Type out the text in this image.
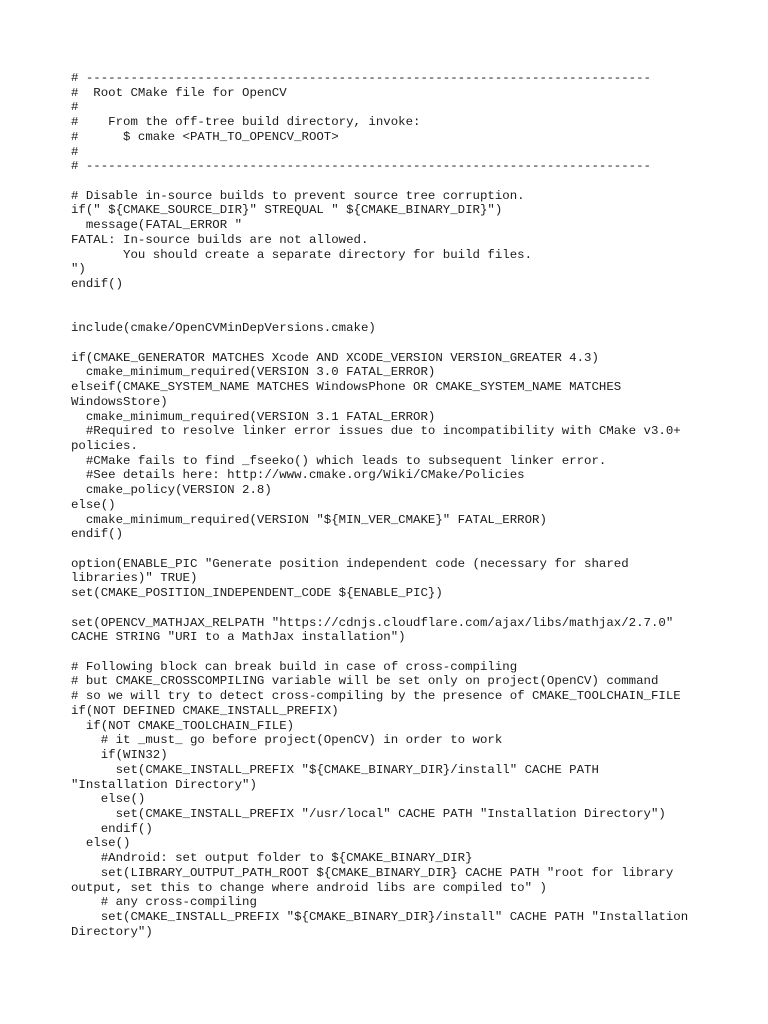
# ----------------------------------------------------------------------------
#  Root CMake file for OpenCV
#
#    From the off-tree build directory, invoke:
#      $ cmake <PATH_TO_OPENCV_ROOT>
#
# ----------------------------------------------------------------------------
# Disable in-source builds to prevent source tree corruption.
if(" ${CMAKE_SOURCE_DIR}" STREQUAL " ${CMAKE_BINARY_DIR}")
message(FATAL_ERROR "
FATAL: In-source builds are not allowed.
You should create a separate directory for build files.
")
endif()
include(cmake/OpenCVMinDepVersions.cmake)
if(CMAKE_GENERATOR MATCHES Xcode AND XCODE_VERSION VERSION_GREATER 4.3)
cmake_minimum_required(VERSION 3.0 FATAL_ERROR)
elseif(CMAKE_SYSTEM_NAME MATCHES WindowsPhone OR CMAKE_SYSTEM_NAME MATCHES
WindowsStore)
cmake_minimum_required(VERSION 3.1 FATAL_ERROR)
#Required to resolve linker error issues due to incompatibility with CMake v3.0+
policies.
#CMake fails to find _fseeko() which leads to subsequent linker error.
#See details here: http://www.cmake.org/Wiki/CMake/Policies
cmake_policy(VERSION 2.8)
else()
cmake_minimum_required(VERSION "${MIN_VER_CMAKE}" FATAL_ERROR)
endif()
option(ENABLE_PIC "Generate position independent code (necessary for shared
libraries)" TRUE)
set(CMAKE_POSITION_INDEPENDENT_CODE ${ENABLE_PIC})
set(OPENCV_MATHJAX_RELPATH "https://cdnjs.cloudflare.com/ajax/libs/mathjax/2.7.0"
CACHE STRING "URI to a MathJax installation")
# Following block can break build in case of cross-compiling
# but CMAKE_CROSSCOMPILING variable will be set only on project(OpenCV) command
# so we will try to detect cross-compiling by the presence of CMAKE_TOOLCHAIN_FILE
if(NOT DEFINED CMAKE_INSTALL_PREFIX)
if(NOT CMAKE_TOOLCHAIN_FILE)
# it _must_ go before project(OpenCV) in order to work
if(WIN32)
set(CMAKE_INSTALL_PREFIX "${CMAKE_BINARY_DIR}/install" CACHE PATH
"Installation Directory")
else()
set(CMAKE_INSTALL_PREFIX "/usr/local" CACHE PATH "Installation Directory")
endif()
else()
#Android: set output folder to ${CMAKE_BINARY_DIR}
set(LIBRARY_OUTPUT_PATH_ROOT ${CMAKE_BINARY_DIR} CACHE PATH "root for library
output, set this to change where android libs are compiled to" )
# any cross-compiling
set(CMAKE_INSTALL_PREFIX "${CMAKE_BINARY_DIR}/install" CACHE PATH "Installation
Directory")
